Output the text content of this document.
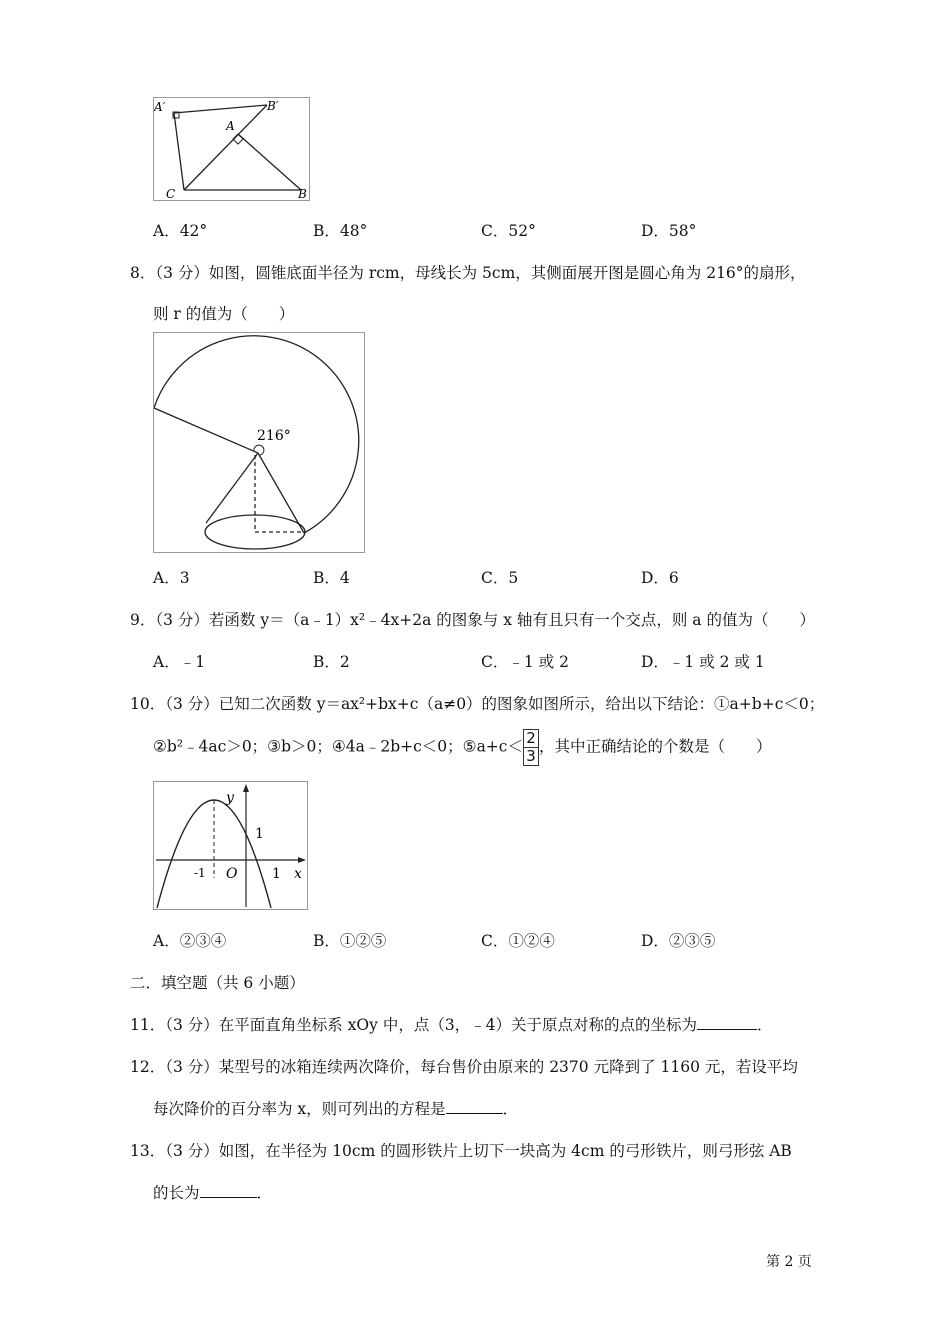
A′	B′
A
C	B
A．42°	B．48°	C．52°	D．58°
8．（3 分）如图，圆锥底面半径为 rcm，母线长为 5cm，其侧面展开图是圆心角为 216°的扇形，
则 r 的值为（　　）
216°
A．3	B．4	C．5	D．6
9．（3 分）若函数 y＝（a﹣1）x²﹣4x+2a 的图象与 x 轴有且只有一个交点，则 a 的值为（　　）
A．﹣1	B．2	C．﹣1 或 2	D．﹣1 或 2 或 1
10．（3 分）已知二次函数 y＝ax²+bx+c（a≠0）的图象如图所示，给出以下结论：①a+b+c＜0；
②b²﹣4ac＞0；③b＞0；④4a﹣2b+c＜0；⑤a+c＜ $\frac{2}{3}$ ，其中正确结论的个数是（　　）
y
1
-1 O 1 x
A．②③④	B．①②⑤	C．①②④	D．②③⑤
二．填空题（共 6 小题）
11．（3 分）在平面直角坐标系 xOy 中，点（3，﹣4）关于原点对称的点的坐标为	．
12．（3 分）某型号的冰箱连续两次降价，每台售价由原来的 2370 元降到了 1160 元，若设平均
每次降价的百分率为 x，则可列出的方程是	．
13．（3 分）如图，在半径为 10cm 的圆形铁片上切下一块高为 4cm 的弓形铁片，则弓形弦 AB
的长为	．
第 2 页
